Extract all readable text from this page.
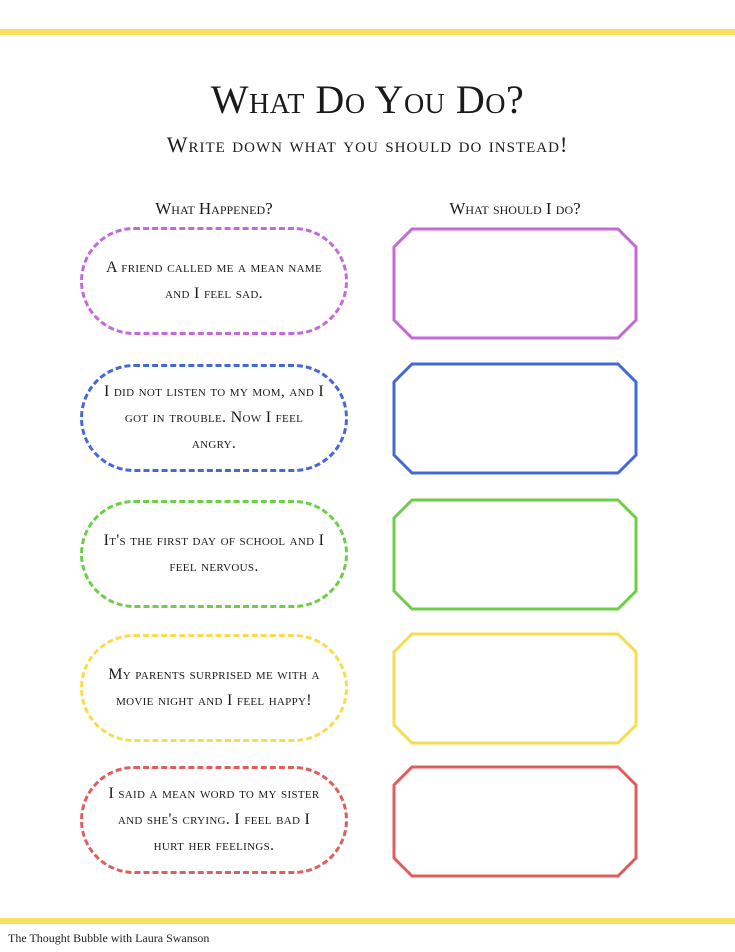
What Do You Do?
Write down what you should do instead!
What Happened?	What should I do?
A friend called me a mean name and I feel sad.
I did not listen to my mom, and I got in trouble. Now I feel angry.
It's the first day of school and I feel nervous.
My parents surprised me with a movie night and I feel happy!
I said a mean word to my sister and she's crying. I feel bad I hurt her feelings.
The Thought Bubble with Laura Swanson
